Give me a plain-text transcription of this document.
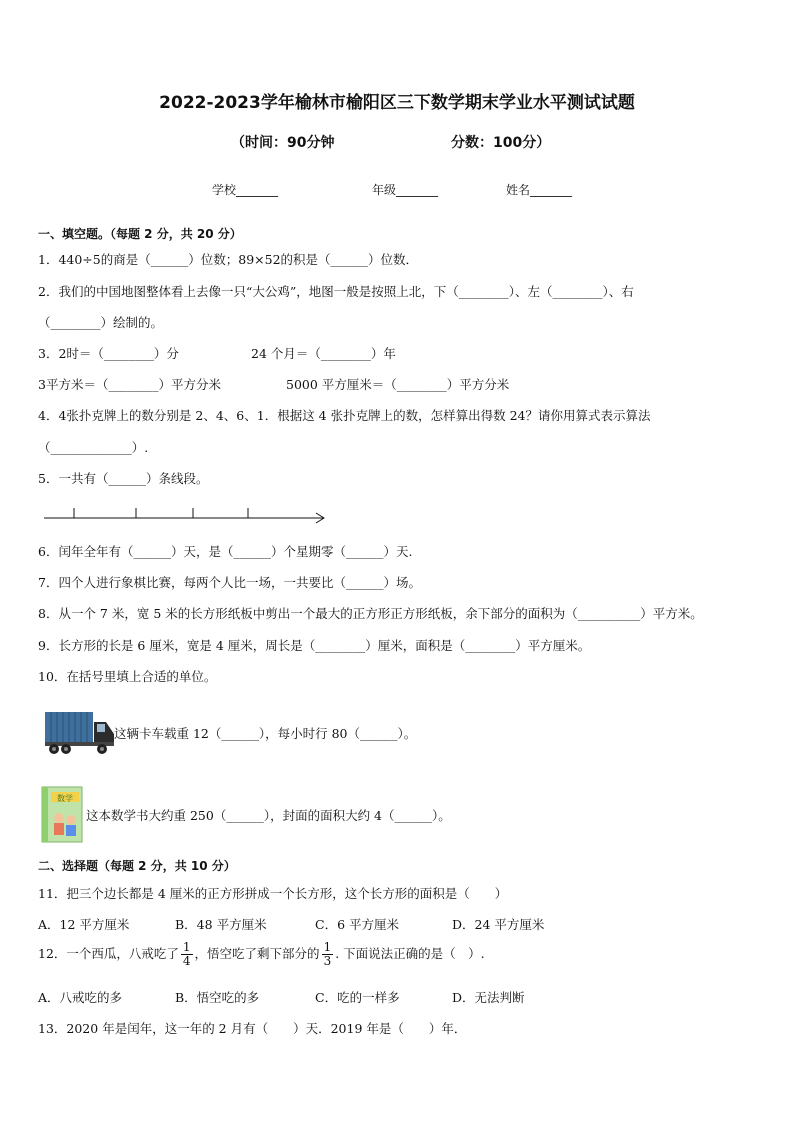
2022-2023学年榆林市榆阳区三下数学期末学业水平测试试题
（时间：90分钟	分数：100分）
学校_______	年级_______	姓名_______
一、填空题。（每题 2 分，共 20 分）
1．440÷5的商是（______）位数；89×52的积是（______）位数．
2．我们的中国地图整体看上去像一只“大公鸡”，地图一般是按照上北，下（________）、左（________）、右
（________）绘制的。
3．2时＝（________）分	24 个月＝（________）年
3平方米＝（________）平方分米	5000 平方厘米＝（________）平方分米
4．4张扑克牌上的数分别是 2、4、6、1．根据这 4 张扑克牌上的数，怎样算出得数 24？请你用算式表示算法
（_____________）.
5．一共有（______）条线段。
6．闰年全年有（______）天，是（______）个星期零（______）天.
7．四个人进行象棋比赛，每两个人比一场，一共要比（______）场。
8．从一个 7 米，宽 5 米的长方形纸板中剪出一个最大的正方形正方形纸板，余下部分的面积为（__________）平方米。
9．长方形的长是 6 厘米，宽是 4 厘米，周长是（________）厘米，面积是（________）平方厘米。
10．在括号里填上合适的单位。
这辆卡车载重 12（______），每小时行 80（______）。
数学
这本数学书大约重 250（______），封面的面积大约 4（______）。
二、选择题（每题 2 分，共 10 分）
11．把三个边长都是 4 厘米的正方形拼成一个长方形，这个长方形的面积是（　　）
A．12 平方厘米	B．48 平方厘米	C．6 平方厘米	D．24 平方厘米
12．一个西瓜，八戒吃了 $\frac{1}{4}$ ，悟空吃了剩下部分的 $\frac{1}{3}$ . 下面说法正确的是（　）.
A．八戒吃的多	B．悟空吃的多	C．吃的一样多	D．无法判断
13．2020 年是闰年，这一年的 2 月有（　　）天．2019 年是（　　）年．
